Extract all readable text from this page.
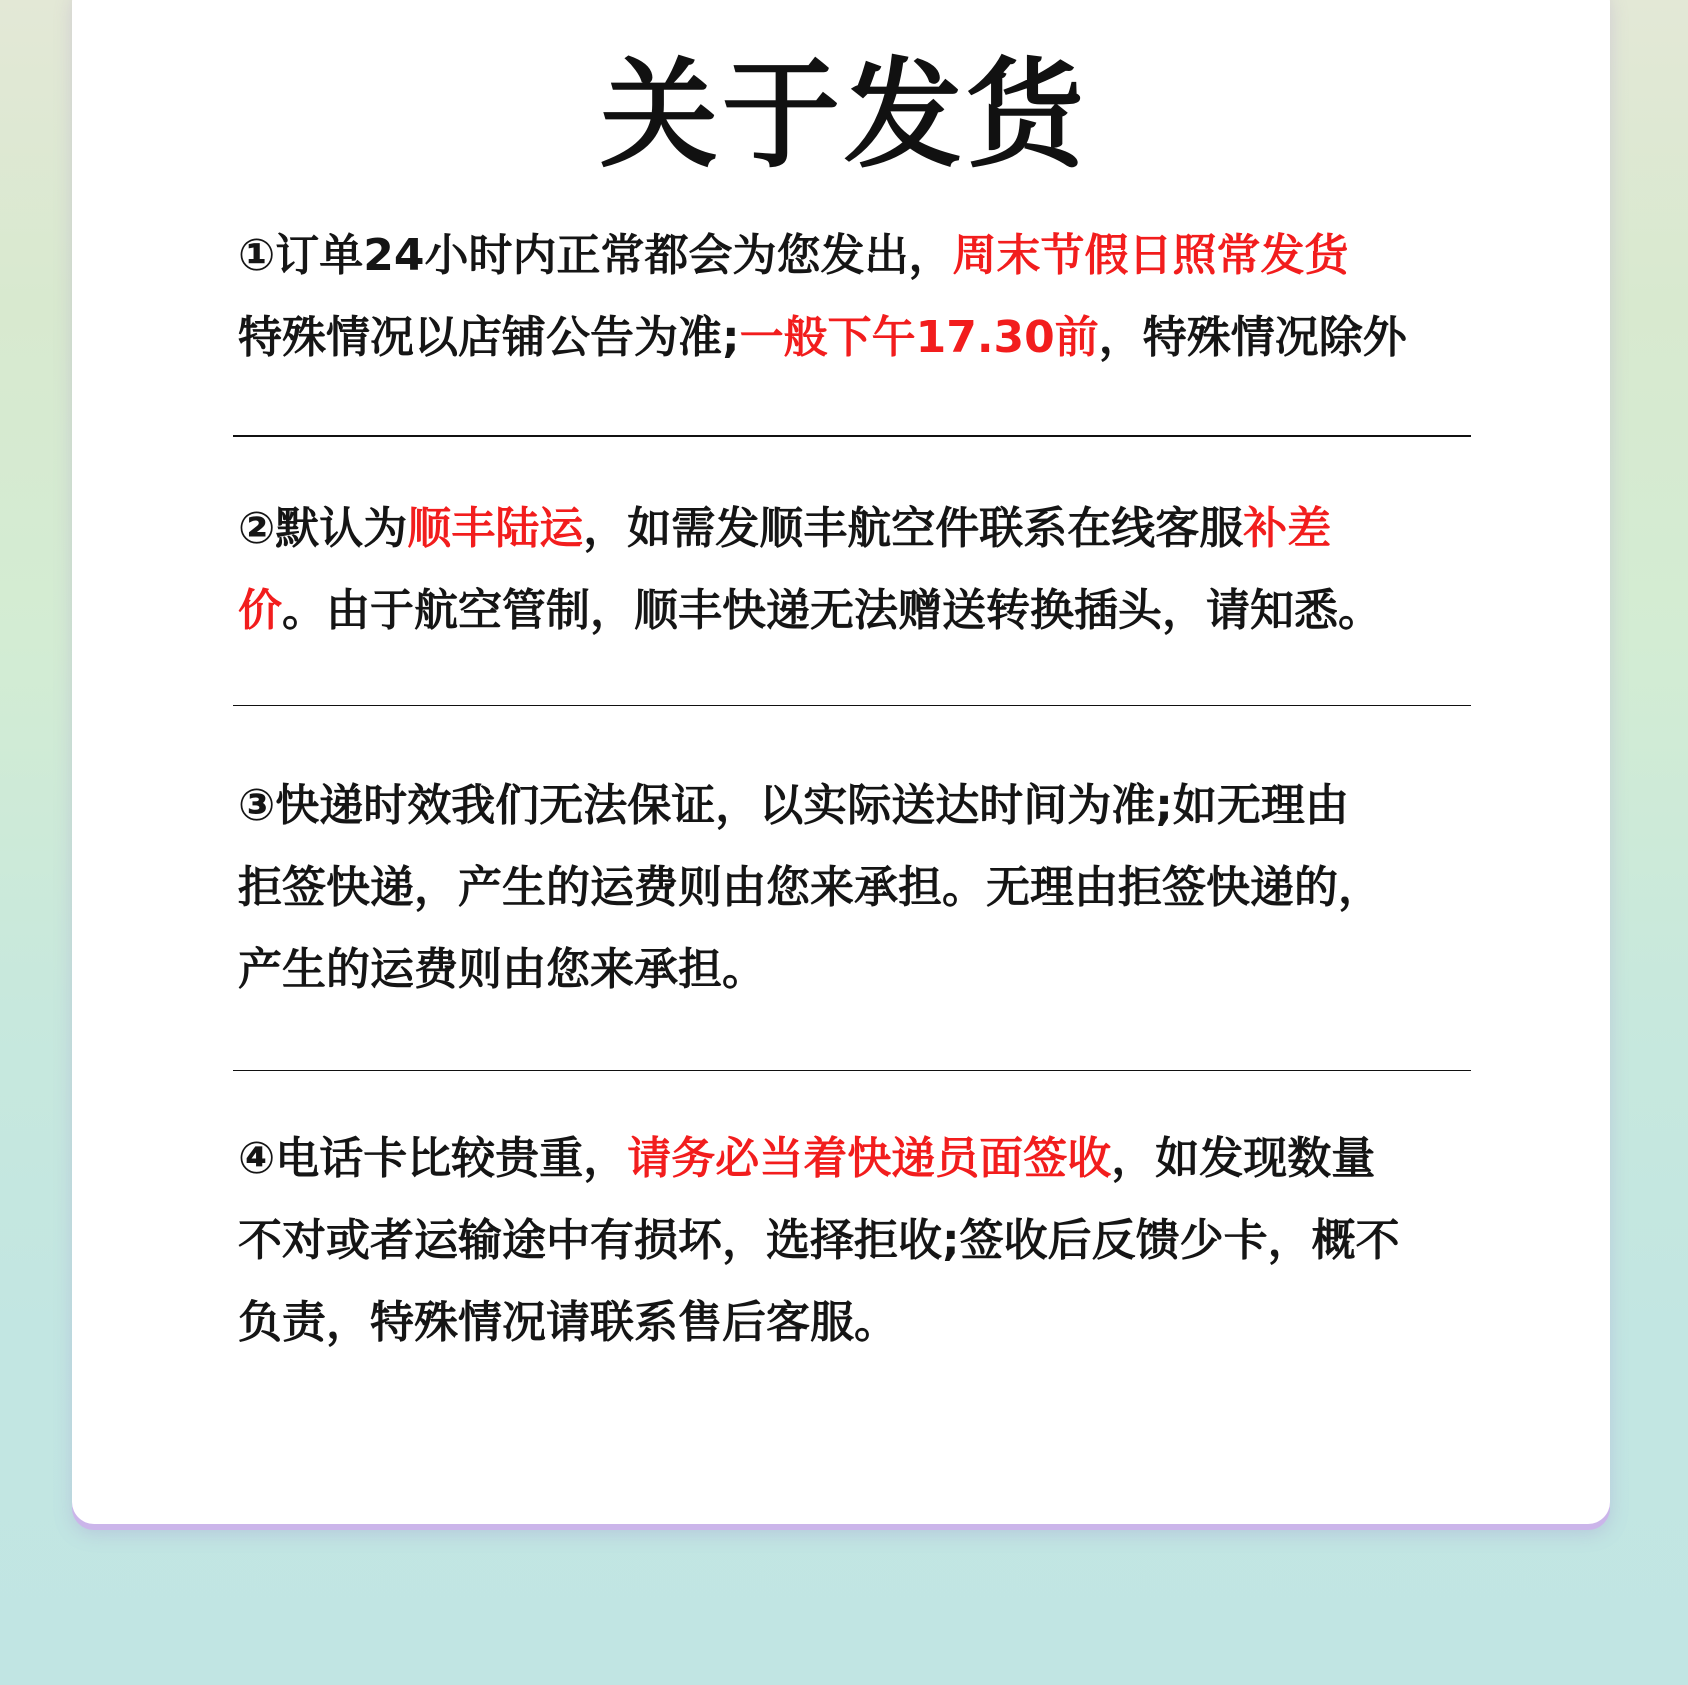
关于发货
①订单24小时内正常都会为您发出，周末节假日照常发货
特殊情况以店铺公告为准;一般下午17.30前，特殊情况除外
②默认为顺丰陆运，如需发顺丰航空件联系在线客服补差
价。由于航空管制，顺丰快递无法赠送转换插头，请知悉。
③快递时效我们无法保证，以实际送达时间为准;如无理由
拒签快递，产生的运费则由您来承担。无理由拒签快递的，
产生的运费则由您来承担。
④电话卡比较贵重，请务必当着快递员面签收，如发现数量
不对或者运输途中有损坏，选择拒收;签收后反馈少卡，概不
负责，特殊情况请联系售后客服。
